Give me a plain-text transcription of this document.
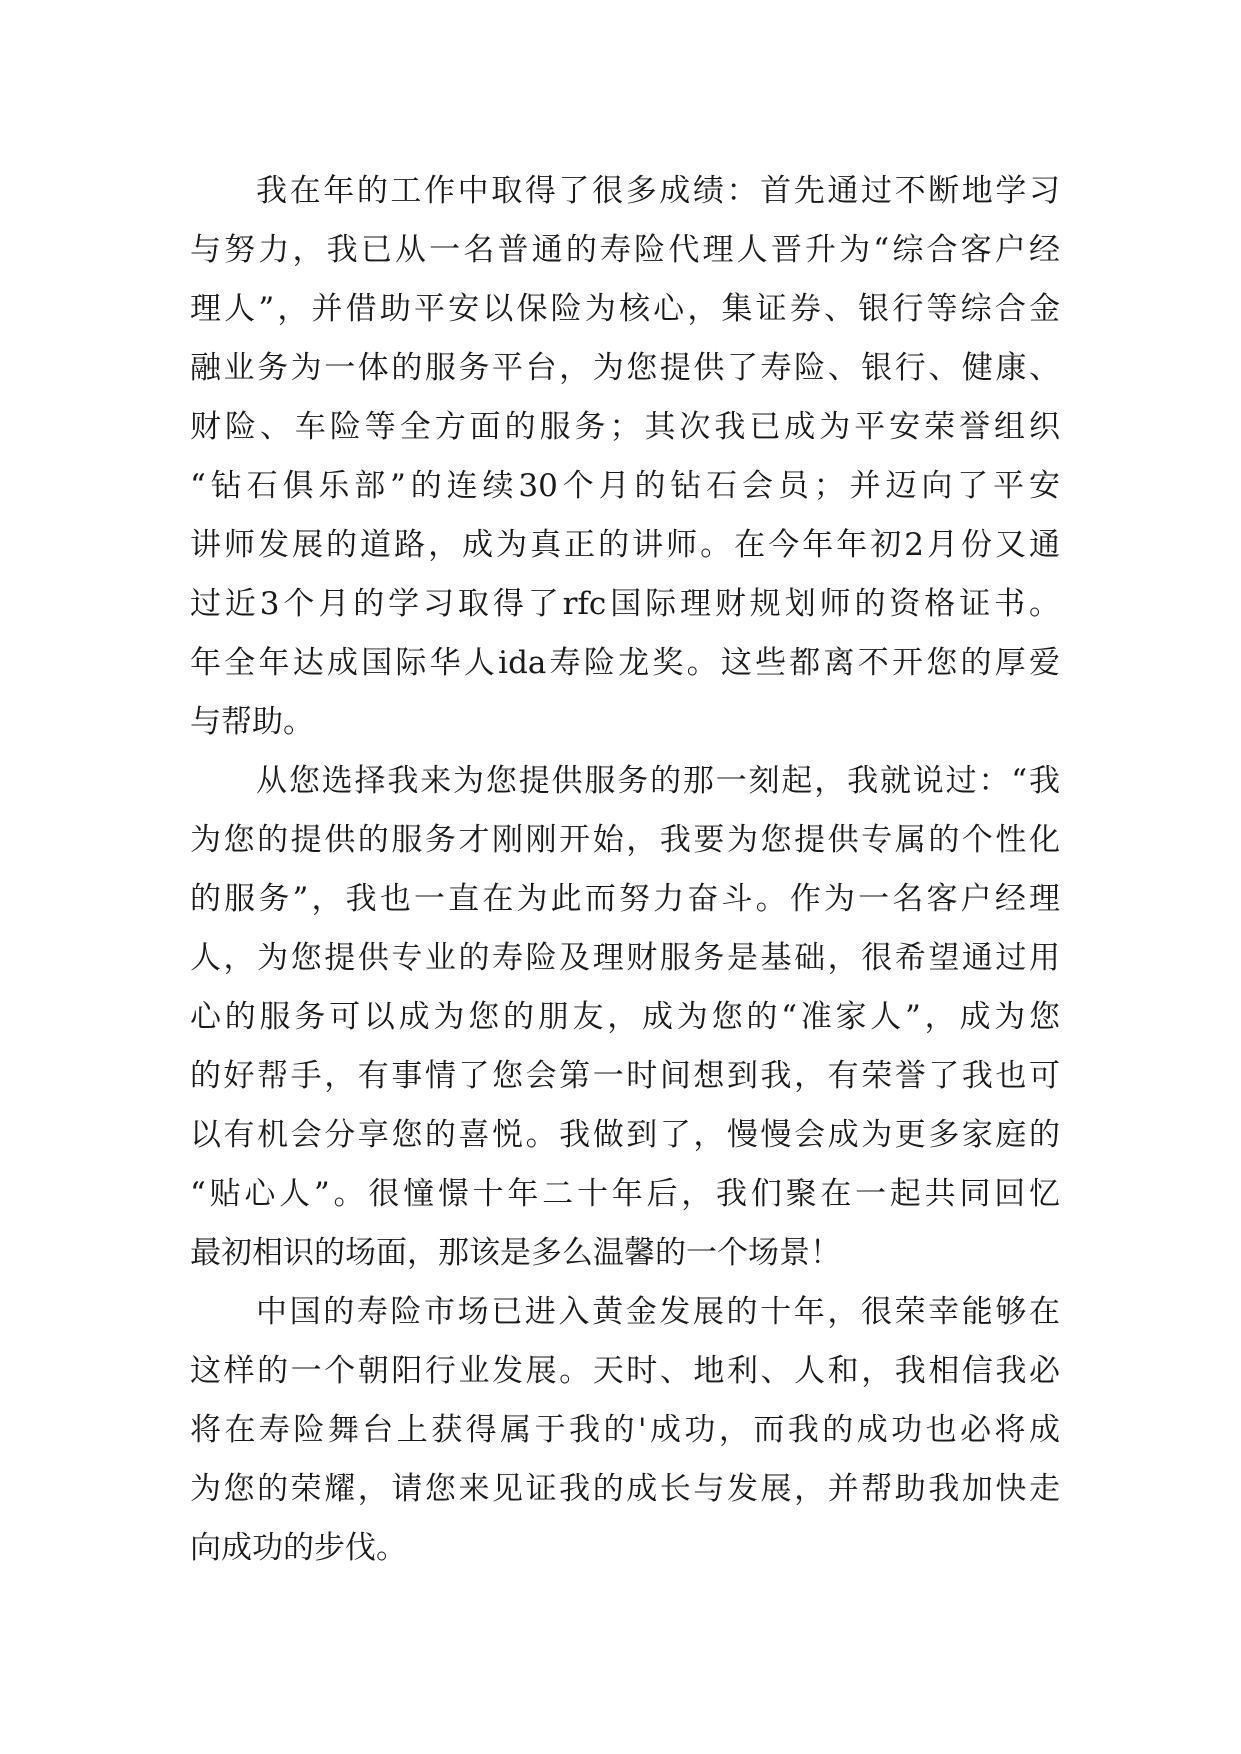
我在年的工作中取得了很多成绩：首先通过不断地学习
与努力，我已从一名普通的寿险代理人晋升为“综合客户经
理人”，并借助平安以保险为核心，集证券、银行等综合金
融业务为一体的服务平台，为您提供了寿险、银行、健康、
财险、车险等全方面的服务；其次我已成为平安荣誉组织
“钻石俱乐部”的连续30个月的钻石会员；并迈向了平安
讲师发展的道路，成为真正的讲师。在今年年初2月份又通
过近3个月的学习取得了rfc国际理财规划师的资格证书。
年全年达成国际华人ida寿险龙奖。这些都离不开您的厚爱
与帮助。
从您选择我来为您提供服务的那一刻起，我就说过：“我
为您的提供的服务才刚刚开始，我要为您提供专属的个性化
的服务”，我也一直在为此而努力奋斗。作为一名客户经理
人，为您提供专业的寿险及理财服务是基础，很希望通过用
心的服务可以成为您的朋友，成为您的“准家人”，成为您
的好帮手，有事情了您会第一时间想到我，有荣誉了我也可
以有机会分享您的喜悦。我做到了，慢慢会成为更多家庭的
“贴心人”。很憧憬十年二十年后，我们聚在一起共同回忆
最初相识的场面，那该是多么温馨的一个场景！
中国的寿险市场已进入黄金发展的十年，很荣幸能够在
这样的一个朝阳行业发展。天时、地利、人和，我相信我必
将在寿险舞台上获得属于我的'成功，而我的成功也必将成
为您的荣耀，请您来见证我的成长与发展，并帮助我加快走
向成功的步伐。
